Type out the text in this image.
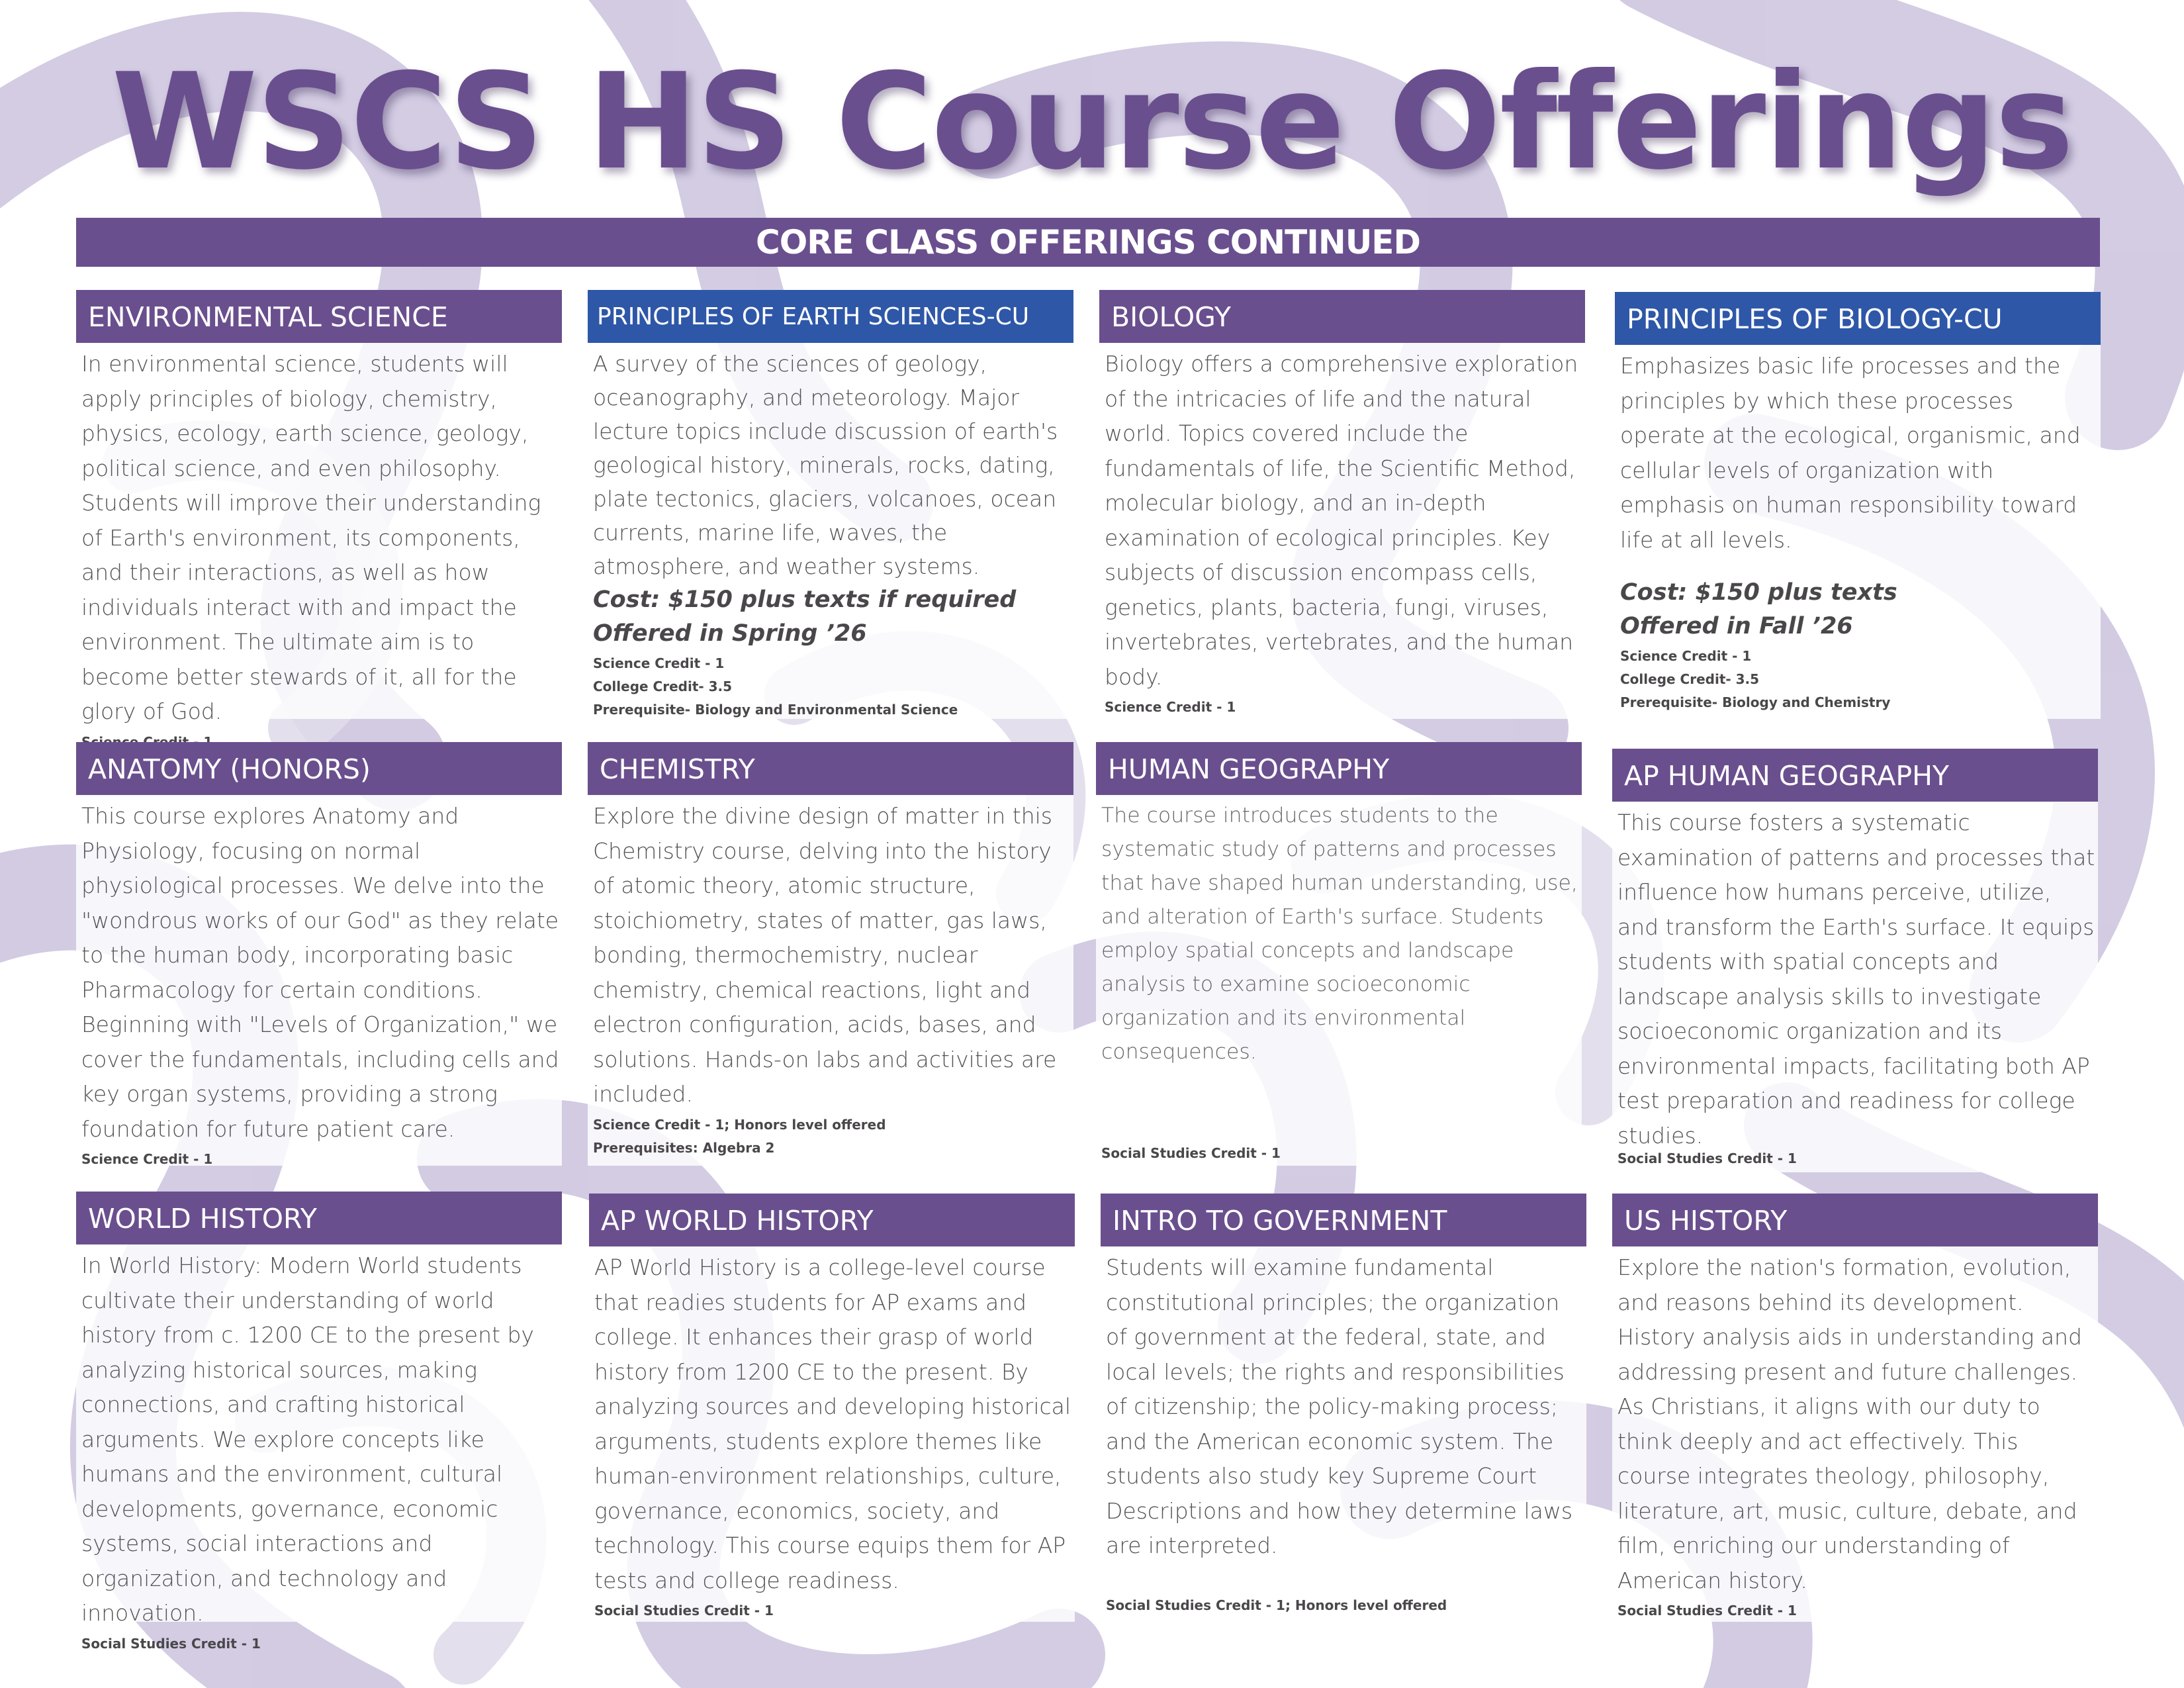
WSCS HS Course Offerings
CORE CLASS OFFERINGS CONTINUED
ENVIRONMENTAL SCIENCE
In environmental science, students will apply principles of biology, chemistry, physics, ecology, earth science, geology, political science, and even philosophy. Students will improve their understanding of Earth's environment, its components, and their interactions, as well as how individuals interact with and impact the environment. The ultimate aim is to become better stewards of it, all for the glory of God.
PRINCIPLES OF EARTH SCIENCES-CU
A survey of the sciences of geology, oceanography, and meteorology. Major lecture topics include discussion of earth's geological history, minerals, rocks, dating, plate tectonics, glaciers, volcanoes, ocean currents, marine life, waves, the atmosphere, and weather systems.
Cost: $150 plus texts if required
Offered in Spring ’26
Science Credit - 1
College Credit- 3.5
Prerequisite- Biology and Environmental Science
BIOLOGY
Biology offers a comprehensive exploration of the intricacies of life and the natural world. Topics covered include the fundamentals of life, the Scientific Method, molecular biology, and an in-depth examination of ecological principles. Key subjects of discussion encompass cells, genetics, plants, bacteria, fungi, viruses, invertebrates, vertebrates, and the human body.
Science Credit - 1
PRINCIPLES OF BIOLOGY-CU
Emphasizes basic life processes and the principles by which these processes operate at the ecological, organismic, and cellular levels of organization with emphasis on human responsibility toward life at all levels.
Cost: $150 plus texts
Offered in Fall ’26
Science Credit - 1
College Credit- 3.5
Prerequisite- Biology and Chemistry
ANATOMY (HONORS)
This course explores Anatomy and Physiology, focusing on normal physiological processes. We delve into the "wondrous works of our God" as they relate to the human body, incorporating basic Pharmacology for certain conditions. Beginning with "Levels of Organization," we cover the fundamentals, including cells and key organ systems, providing a strong foundation for future patient care.
Science Credit - 1
CHEMISTRY
Explore the divine design of matter in this Chemistry course, delving into the history of atomic theory, atomic structure, stoichiometry, states of matter, gas laws, bonding, thermochemistry, nuclear chemistry, chemical reactions, light and electron configuration, acids, bases, and solutions. Hands-on labs and activities are included.
Science Credit - 1; Honors level offered
Prerequisites: Algebra 2
HUMAN GEOGRAPHY
The course introduces students to the systematic study of patterns and processes that have shaped human understanding, use, and alteration of Earth's surface. Students employ spatial concepts and landscape analysis to examine socioeconomic organization and its environmental consequences.
Social Studies Credit - 1
AP HUMAN GEOGRAPHY
This course fosters a systematic examination of patterns and processes that influence how humans perceive, utilize, and transform the Earth's surface. It equips students with spatial concepts and landscape analysis skills to investigate socioeconomic organization and its environmental impacts, facilitating both AP test preparation and readiness for college studies.
Social Studies Credit - 1
WORLD HISTORY
In World History: Modern World students cultivate their understanding of world history from c. 1200 CE to the present by analyzing historical sources, making connections, and crafting historical arguments. We explore concepts like humans and the environment, cultural developments, governance, economic systems, social interactions and organization, and technology and innovation.
Social Studies Credit - 1
AP WORLD HISTORY
AP World History is a college-level course that readies students for AP exams and college. It enhances their grasp of world history from 1200 CE to the present. By analyzing sources and developing historical arguments, students explore themes like human-environment relationships, culture, governance, economics, society, and technology. This course equips them for AP tests and college readiness.
Social Studies Credit - 1
INTRO TO GOVERNMENT
Students will examine fundamental constitutional principles; the organization of government at the federal, state, and local levels; the rights and responsibilities of citizenship; the policy-making process; and the American economic system. The students also study key Supreme Court Descriptions and how they determine laws are interpreted.
Social Studies Credit - 1; Honors level offered
US HISTORY
Explore the nation's formation, evolution, and reasons behind its development. History analysis aids in understanding and addressing present and future challenges. As Christians, it aligns with our duty to think deeply and act effectively. This course integrates theology, philosophy, literature, art, music, culture, debate, and film, enriching our understanding of American history.
Social Studies Credit - 1
